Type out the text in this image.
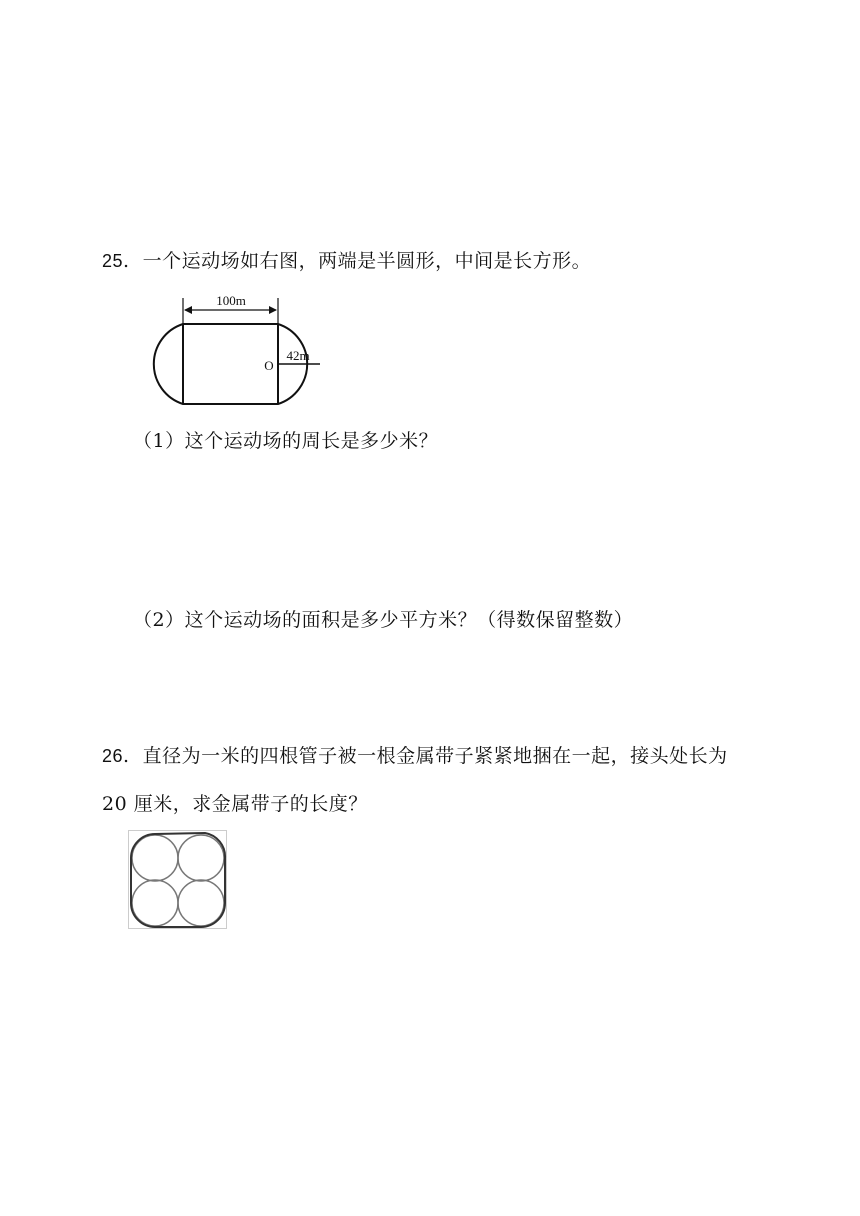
25. 一个运动场如右图，两端是半圆形，中间是长方形。
100m
42m
O
（1）这个运动场的周长是多少米？
（2）这个运动场的面积是多少平方米？（得数保留整数）
26. 直径为一米的四根管子被一根金属带子紧紧地捆在一起，接头处长为
20 厘米，求金属带子的长度？
